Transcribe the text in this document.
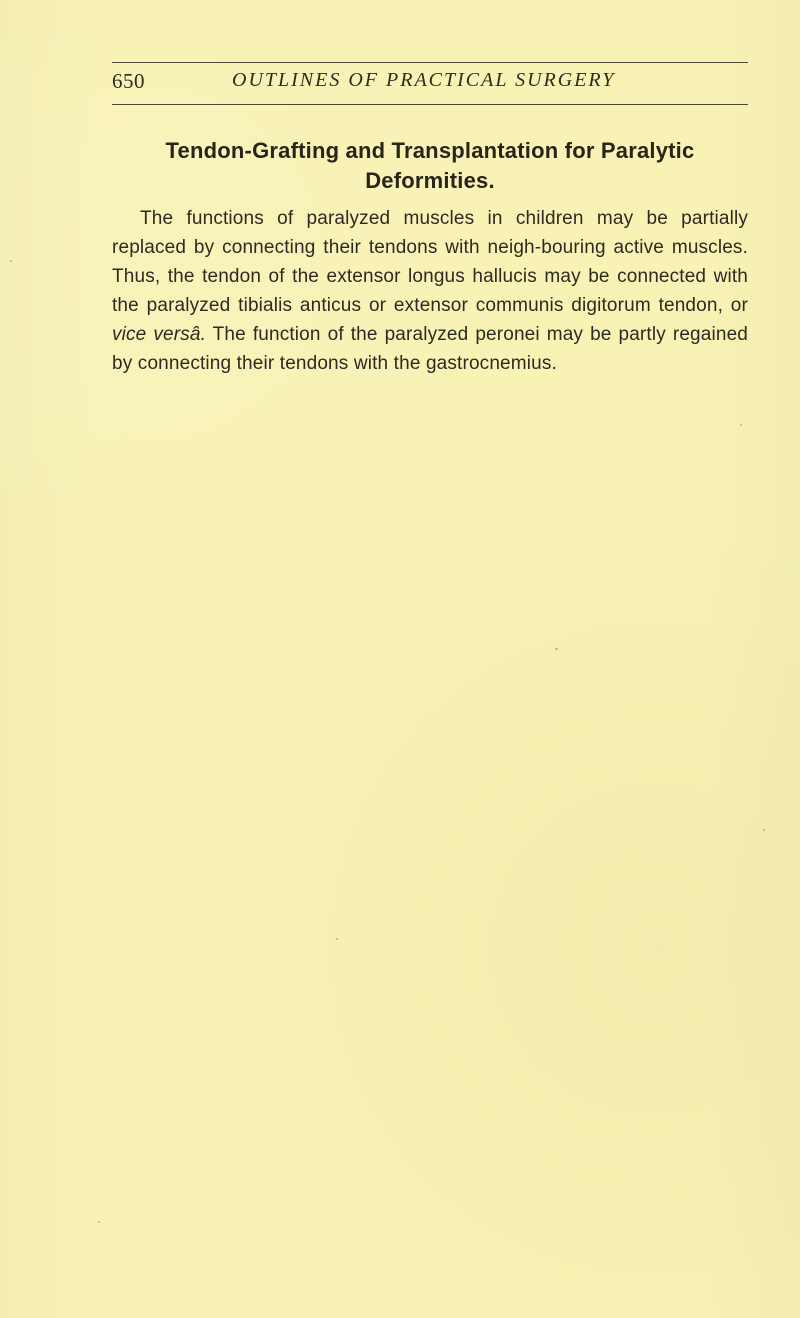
650	OUTLINES OF PRACTICAL SURGERY
Tendon-Grafting and Transplantation for Paralytic Deformities.

The functions of paralyzed muscles in children may be partially replaced by connecting their tendons with neigh-bouring active muscles. Thus, the tendon of the extensor longus hallucis may be connected with the paralyzed tibialis anticus or extensor communis digitorum tendon, or vice versâ. The function of the paralyzed peronei may be partly regained by connecting their tendons with the gastrocnemius.
